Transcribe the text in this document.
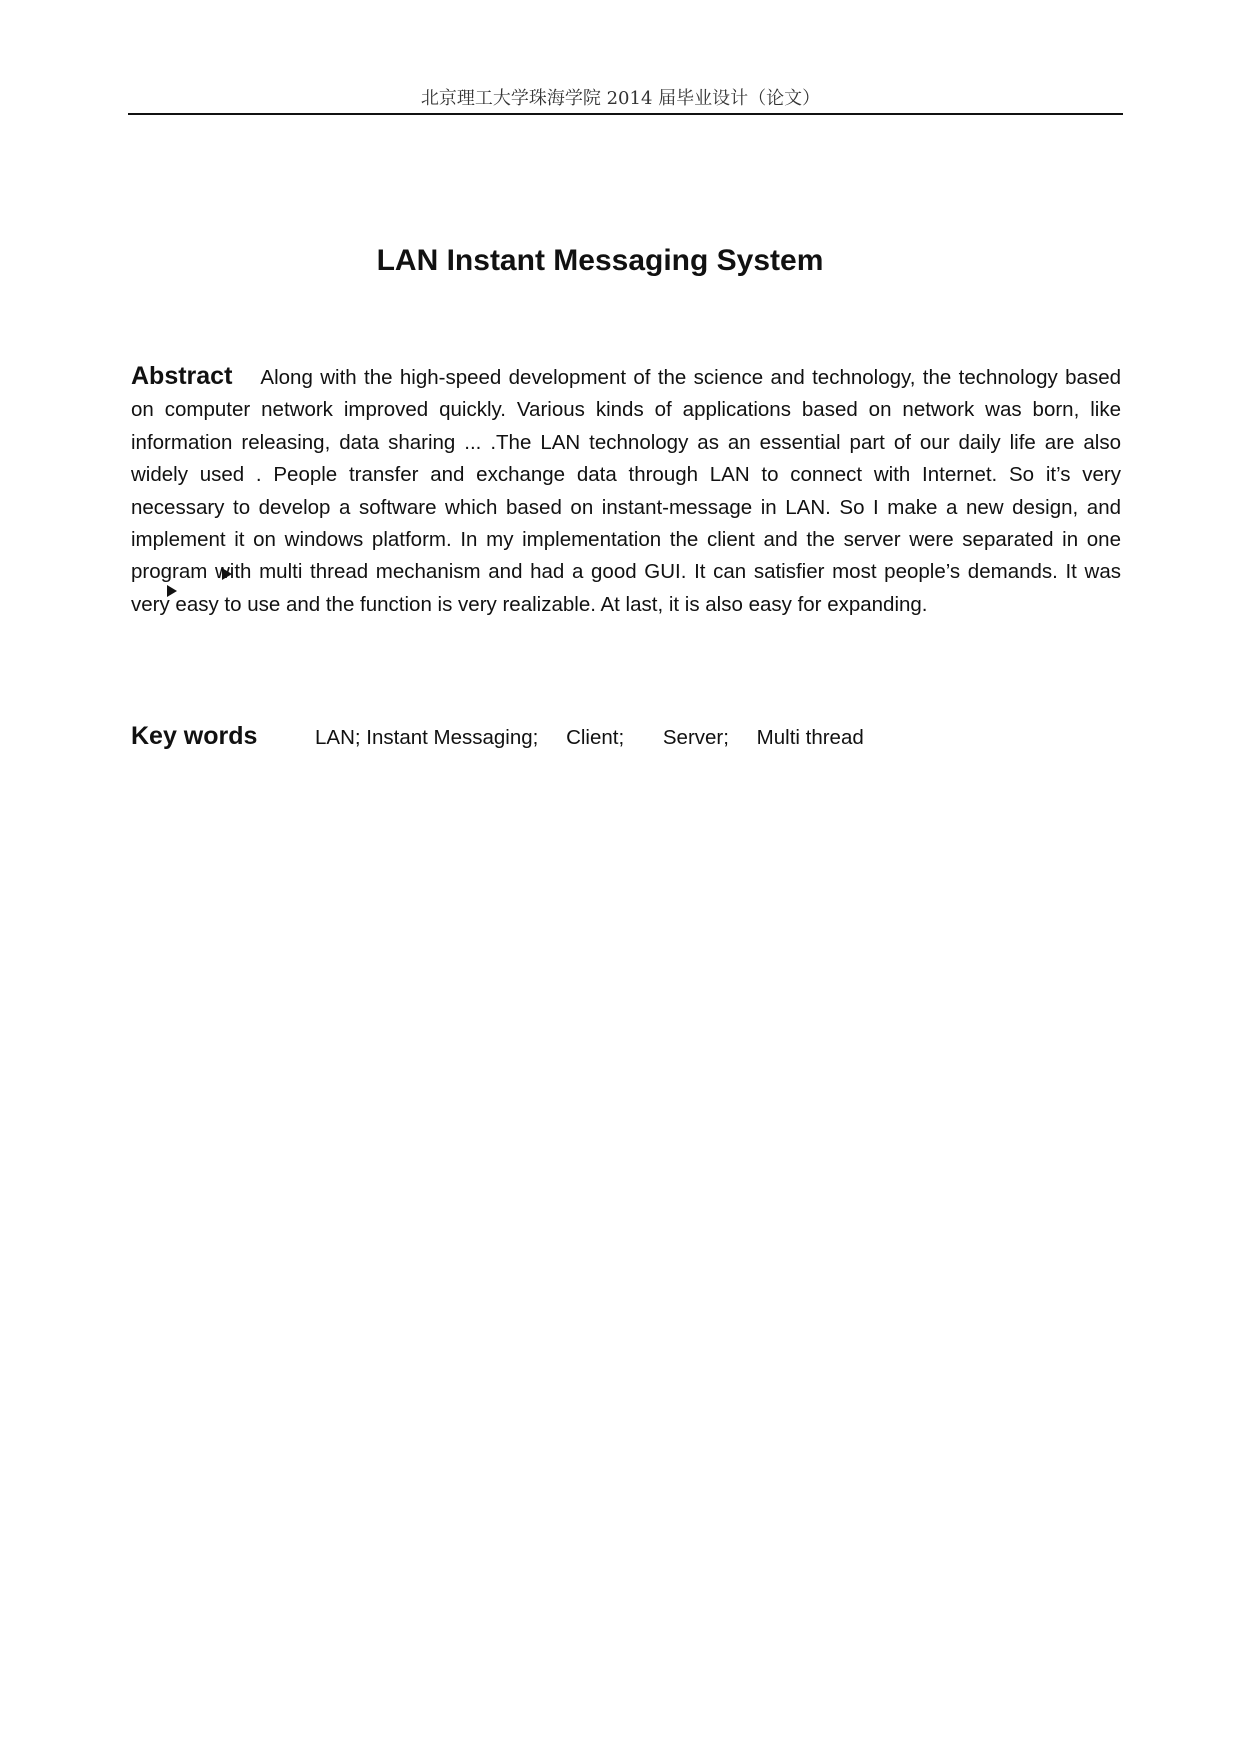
北京理工大学珠海学院 2014 届毕业设计（论文）
LAN Instant Messaging System
Abstract Along with the high-speed development of the science and technology, the technology based on computer network improved quickly. Various kinds of applications based on network was born, like information releasing, data sharing ... .The LAN technology as an essential part of our daily life are also widely used . People transfer and exchange data through LAN to connect with Internet. So it’s very necessary to develop a software which based on instant-message in LAN. So I make a new design, and implement it on windows platform. In my implementation the client and the server were separated in one program with multi thread mechanism and had a good GUI. It can satisfier most people’s demands. It was very easy to use and the function is very realizable. At last, it is also easy for expanding.
Key words	LAN; Instant Messaging; Client; Server; Multi thread
